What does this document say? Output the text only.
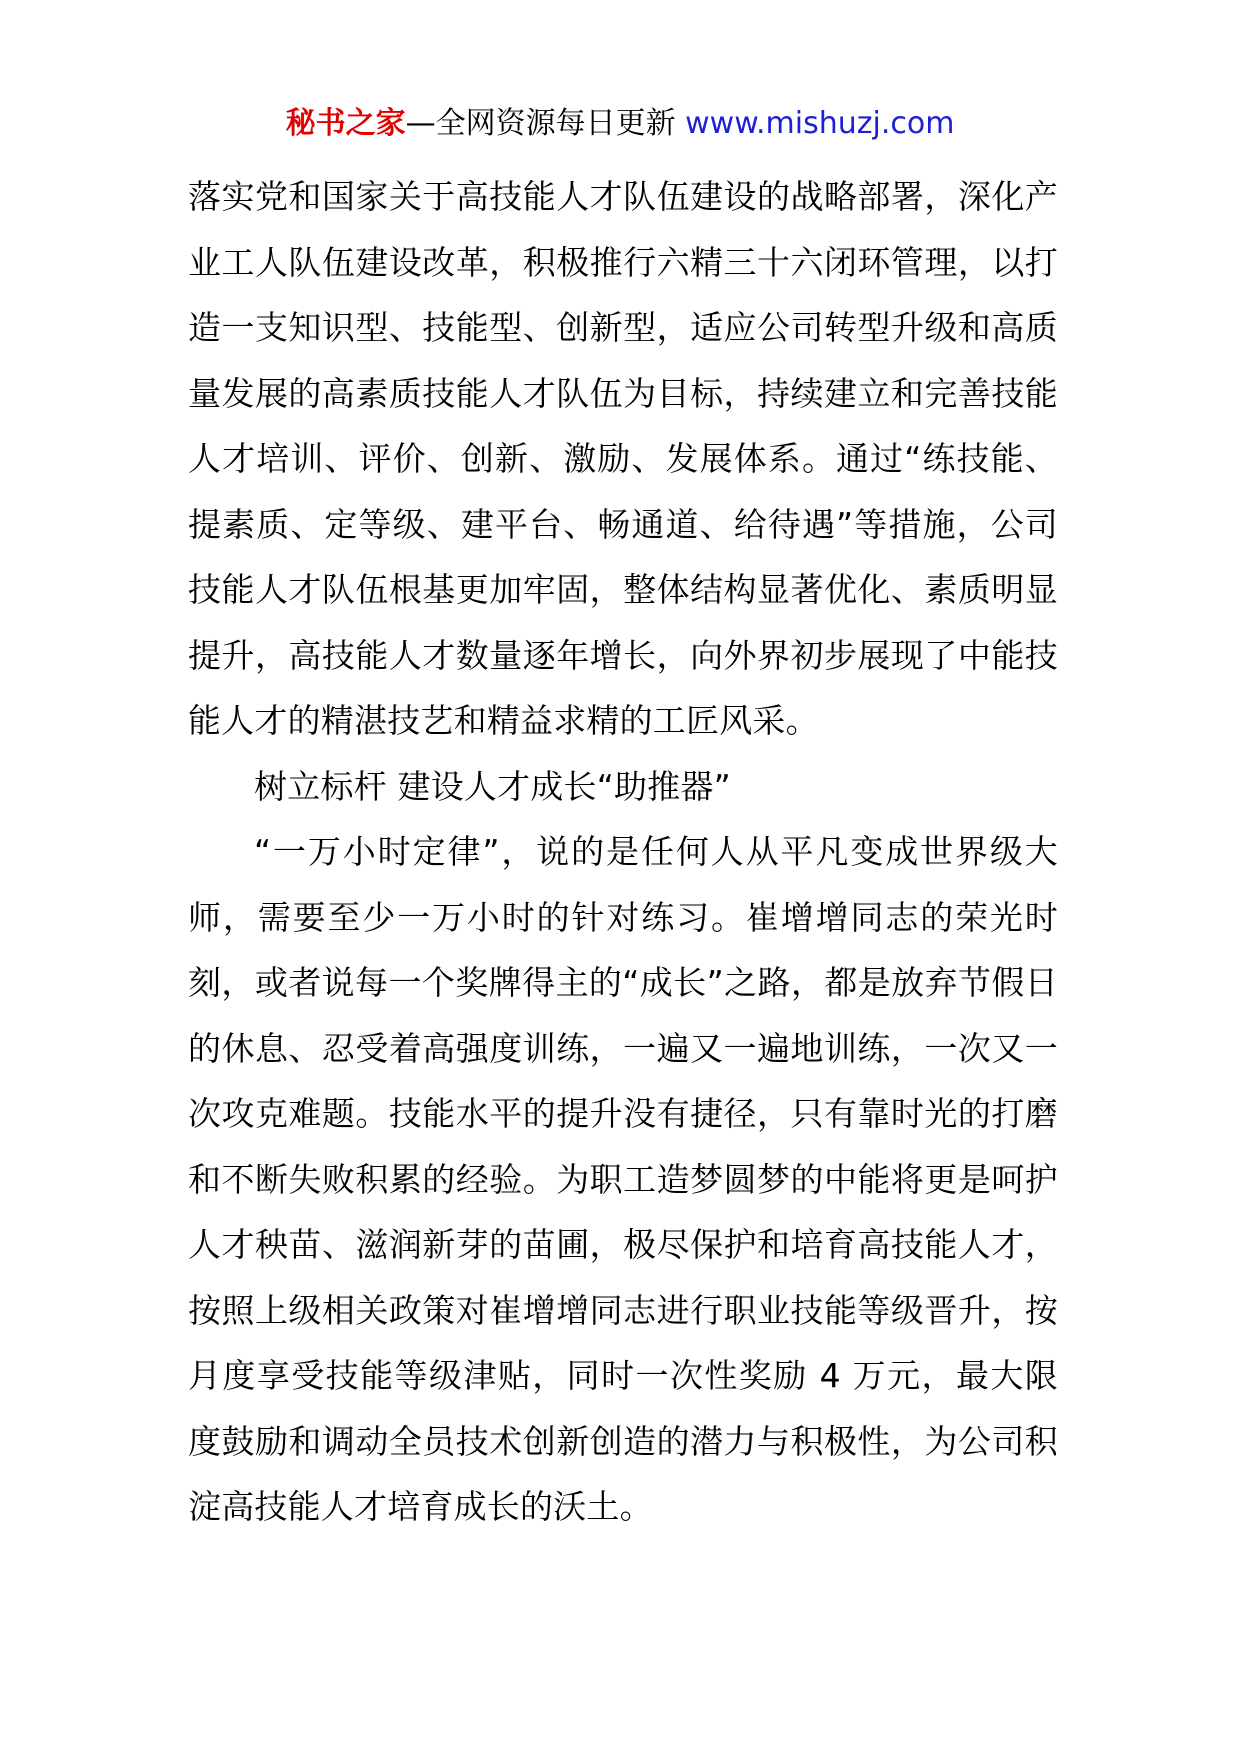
秘书之家—全网资源每日更新 www.mishuzj.com

落实党和国家关于高技能人才队伍建设的战略部署，深化产业工人队伍建设改革，积极推行六精三十六闭环管理，以打造一支知识型、技能型、创新型，适应公司转型升级和高质量发展的高素质技能人才队伍为目标，持续建立和完善技能人才培训、评价、创新、激励、发展体系。通过“练技能、提素质、定等级、建平台、畅通道、给待遇”等措施，公司技能人才队伍根基更加牢固，整体结构显著优化、素质明显提升，高技能人才数量逐年增长，向外界初步展现了中能技能人才的精湛技艺和精益求精的工匠风采。

树立标杆 建设人才成长“助推器”

“一万小时定律”，说的是任何人从平凡变成世界级大师，需要至少一万小时的针对练习。崔增增同志的荣光时刻，或者说每一个奖牌得主的“成长”之路，都是放弃节假日的休息、忍受着高强度训练，一遍又一遍地训练，一次又一次攻克难题。技能水平的提升没有捷径，只有靠时光的打磨和不断失败积累的经验。为职工造梦圆梦的中能将更是呵护人才秧苗、滋润新芽的苗圃，极尽保护和培育高技能人才，按照上级相关政策对崔增增同志进行职业技能等级晋升，按月度享受技能等级津贴，同时一次性奖励 4 万元，最大限度鼓励和调动全员技术创新创造的潜力与积极性，为公司积淀高技能人才培育成长的沃土。
